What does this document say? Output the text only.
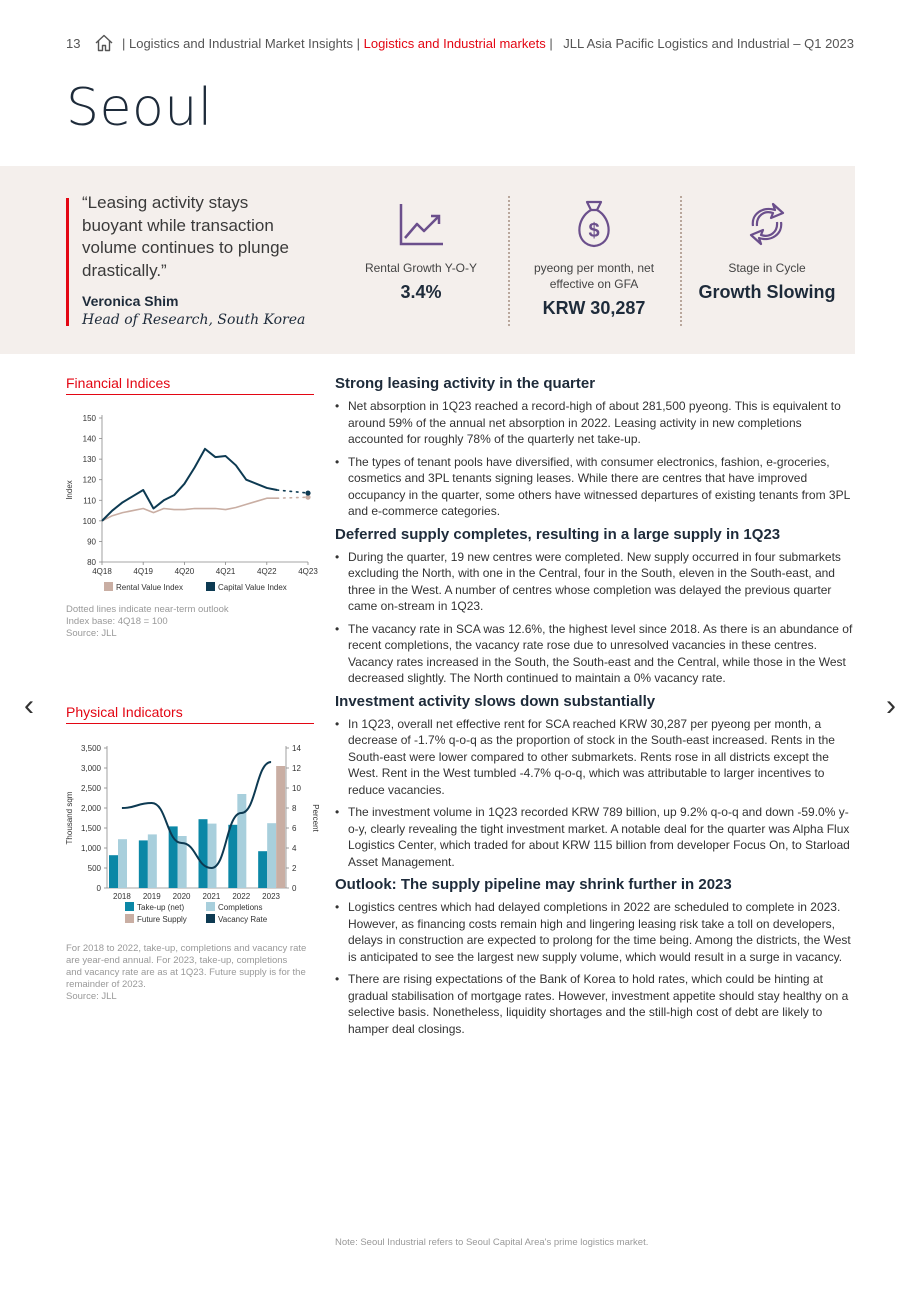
13	| Logistics and Industrial Market Insights | Logistics and Industrial markets | JLL Asia Pacific Logistics and Industrial – Q1 2023
Seoul
“Leasing activity stays buoyant while transaction volume continues to plunge drastically.”
Veronica Shim
Head of Research, South Korea
Rental Growth Y-O-Y
3.4%
$
pyeong per month, net effective on GFA
KRW 30,287
Stage in Cycle
Growth Slowing
Financial Indices
80
90
100
110
120
130
140
150
4Q18	4Q19	4Q20	4Q21	4Q22	4Q23
Index
Rental Value Index	Capital Value Index
Dotted lines indicate near-term outlook
Index base: 4Q18 = 100
Source: JLL
Physical Indicators
0
500
1,000
1,500
2,000
2,500
3,000
3,500
0
2
4
6
8
10
12
14
Thousand sqm	Percent
2018 2019 2020 2021 2022 2023
Take-up (net)	Completions
Future Supply	Vacancy Rate
For 2018 to 2022, take-up, completions and vacancy rate
are year-end annual. For 2023, take-up, completions
and vacancy rate are as at 1Q23. Future supply is for the
remainder of 2023.
Source: JLL
Strong leasing activity in the quarter
• Net absorption in 1Q23 reached a record-high of about 281,500 pyeong. This is equivalent to around 59% of the annual net absorption in 2022. Leasing activity in new completions accounted for roughly 78% of the quarterly net take-up.
• The types of tenant pools have diversified, with consumer electronics, fashion, e-groceries, cosmetics and 3PL tenants signing leases. While there are centres that have improved occupancy in the quarter, some others have witnessed departures of existing tenants from 3PL and e-commerce categories.
Deferred supply completes, resulting in a large supply in 1Q23
• During the quarter, 19 new centres were completed. New supply occurred in four submarkets excluding the North, with one in the Central, four in the South, eleven in the South-east, and three in the West. A number of centres whose completion was delayed the previous quarter came on-stream in 1Q23.
• The vacancy rate in SCA was 12.6%, the highest level since 2018. As there is an abundance of recent completions, the vacancy rate rose due to unresolved vacancies in these centres. Vacancy rates increased in the South, the South-east and the Central, while those in the West decreased slightly. The North continued to maintain a 0% vacancy rate.
Investment activity slows down substantially
• In 1Q23, overall net effective rent for SCA reached KRW 30,287 per pyeong per month, a decrease of -1.7% q-o-q as the proportion of stock in the South-east increased. Rents in the South-east were lower compared to other submarkets. Rents rose in all districts except the West. Rent in the West tumbled -4.7% q-o-q, which was attributable to larger incentives to reduce vacancies.
• The investment volume in 1Q23 recorded KRW 789 billion, up 9.2% q-o-q and down -59.0% y-o-y, clearly revealing the tight investment market. A notable deal for the quarter was Alpha Flux Logistics Center, which traded for about KRW 115 billion from developer Focus On, to Starload Asset Management.
Outlook: The supply pipeline may shrink further in 2023
• Logistics centres which had delayed completions in 2022 are scheduled to complete in 2023. However, as financing costs remain high and lingering leasing risk take a toll on developers, delays in construction are expected to prolong for the time being. Among the districts, the West is anticipated to see the largest new supply volume, which would result in a surge in vacancy.
• There are rising expectations of the Bank of Korea to hold rates, which could be hinting at gradual stabilisation of mortgage rates. However, investment appetite should stay healthy on a selective basis. Nonetheless, liquidity shortages and the still-high cost of debt are likely to hamper deal closings.
‹	›
Note: Seoul Industrial refers to Seoul Capital Area's prime logistics market.
